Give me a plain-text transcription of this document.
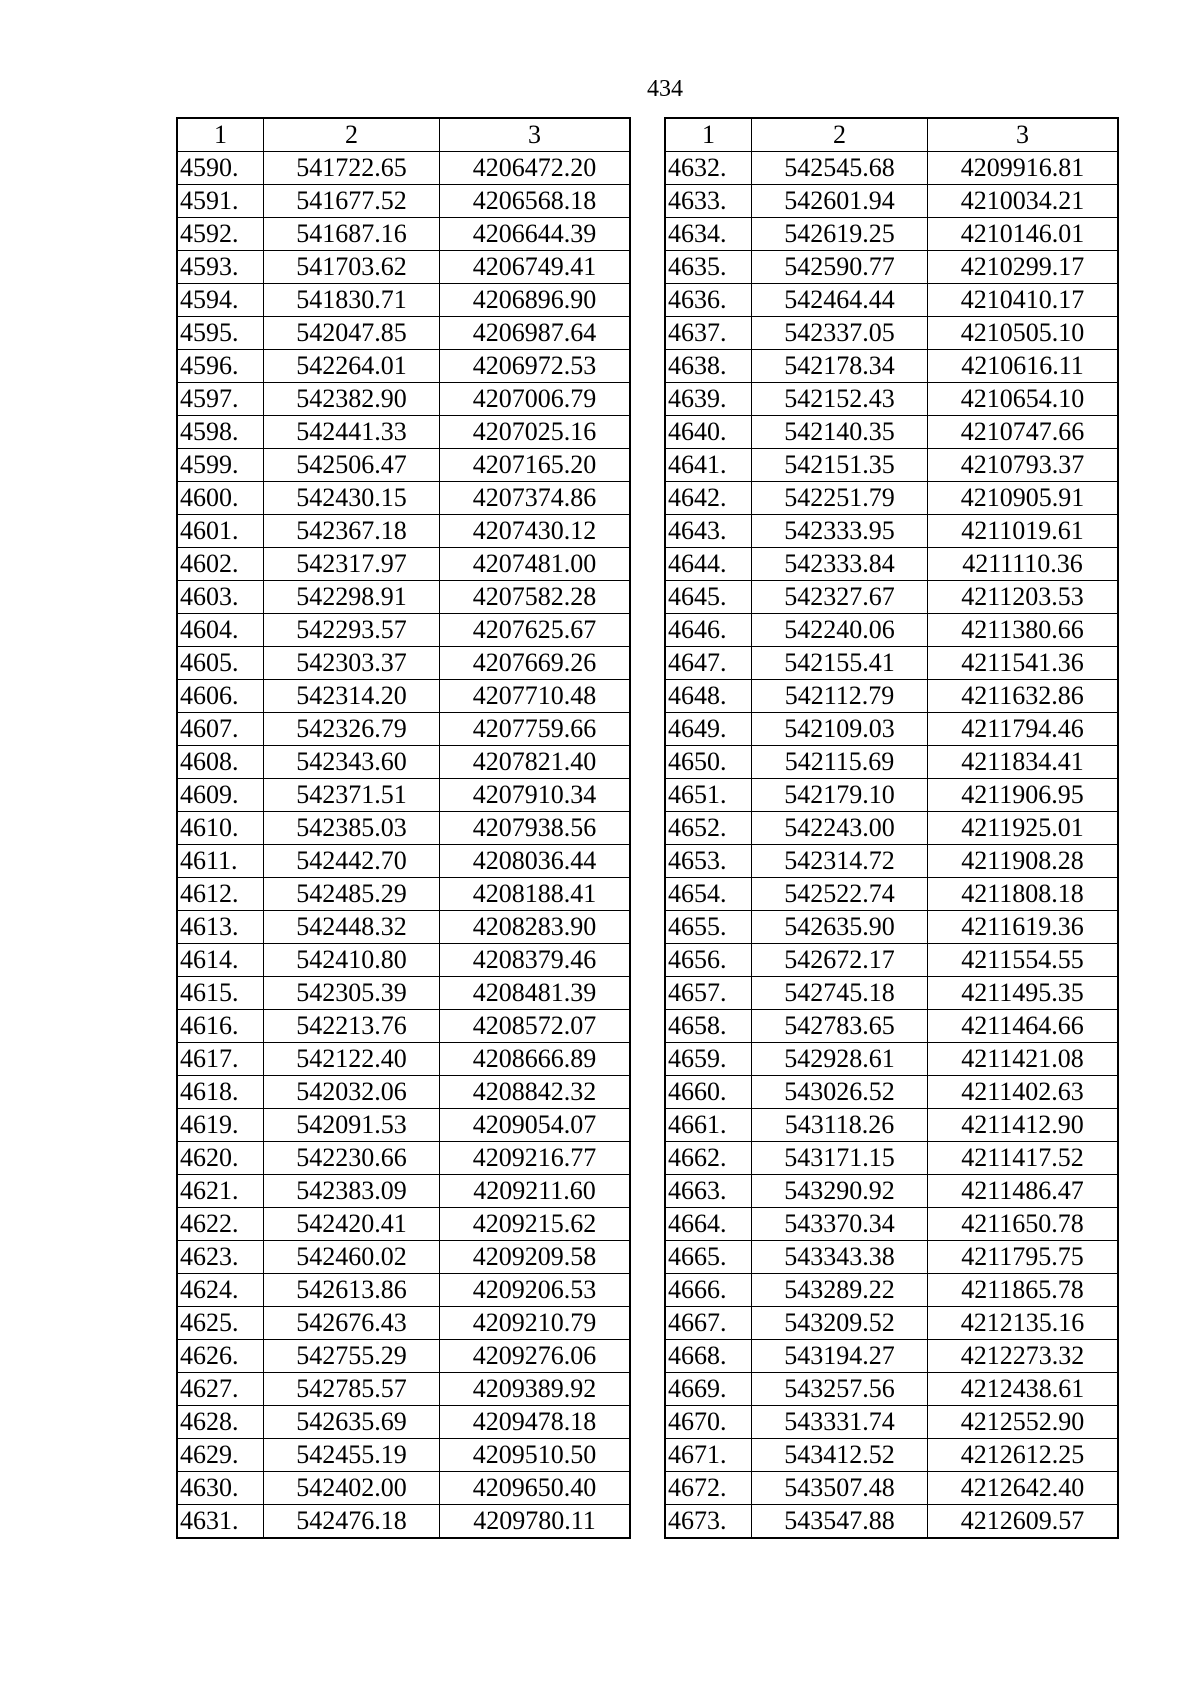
434
1	2	3
4590.	541722.65	4206472.20
4591.	541677.52	4206568.18
4592.	541687.16	4206644.39
4593.	541703.62	4206749.41
4594.	541830.71	4206896.90
4595.	542047.85	4206987.64
4596.	542264.01	4206972.53
4597.	542382.90	4207006.79
4598.	542441.33	4207025.16
4599.	542506.47	4207165.20
4600.	542430.15	4207374.86
4601.	542367.18	4207430.12
4602.	542317.97	4207481.00
4603.	542298.91	4207582.28
4604.	542293.57	4207625.67
4605.	542303.37	4207669.26
4606.	542314.20	4207710.48
4607.	542326.79	4207759.66
4608.	542343.60	4207821.40
4609.	542371.51	4207910.34
4610.	542385.03	4207938.56
4611.	542442.70	4208036.44
4612.	542485.29	4208188.41
4613.	542448.32	4208283.90
4614.	542410.80	4208379.46
4615.	542305.39	4208481.39
4616.	542213.76	4208572.07
4617.	542122.40	4208666.89
4618.	542032.06	4208842.32
4619.	542091.53	4209054.07
4620.	542230.66	4209216.77
4621.	542383.09	4209211.60
4622.	542420.41	4209215.62
4623.	542460.02	4209209.58
4624.	542613.86	4209206.53
4625.	542676.43	4209210.79
4626.	542755.29	4209276.06
4627.	542785.57	4209389.92
4628.	542635.69	4209478.18
4629.	542455.19	4209510.50
4630.	542402.00	4209650.40
4631.	542476.18	4209780.11
1	2	3
4632.	542545.68	4209916.81
4633.	542601.94	4210034.21
4634.	542619.25	4210146.01
4635.	542590.77	4210299.17
4636.	542464.44	4210410.17
4637.	542337.05	4210505.10
4638.	542178.34	4210616.11
4639.	542152.43	4210654.10
4640.	542140.35	4210747.66
4641.	542151.35	4210793.37
4642.	542251.79	4210905.91
4643.	542333.95	4211019.61
4644.	542333.84	4211110.36
4645.	542327.67	4211203.53
4646.	542240.06	4211380.66
4647.	542155.41	4211541.36
4648.	542112.79	4211632.86
4649.	542109.03	4211794.46
4650.	542115.69	4211834.41
4651.	542179.10	4211906.95
4652.	542243.00	4211925.01
4653.	542314.72	4211908.28
4654.	542522.74	4211808.18
4655.	542635.90	4211619.36
4656.	542672.17	4211554.55
4657.	542745.18	4211495.35
4658.	542783.65	4211464.66
4659.	542928.61	4211421.08
4660.	543026.52	4211402.63
4661.	543118.26	4211412.90
4662.	543171.15	4211417.52
4663.	543290.92	4211486.47
4664.	543370.34	4211650.78
4665.	543343.38	4211795.75
4666.	543289.22	4211865.78
4667.	543209.52	4212135.16
4668.	543194.27	4212273.32
4669.	543257.56	4212438.61
4670.	543331.74	4212552.90
4671.	543412.52	4212612.25
4672.	543507.48	4212642.40
4673.	543547.88	4212609.57
